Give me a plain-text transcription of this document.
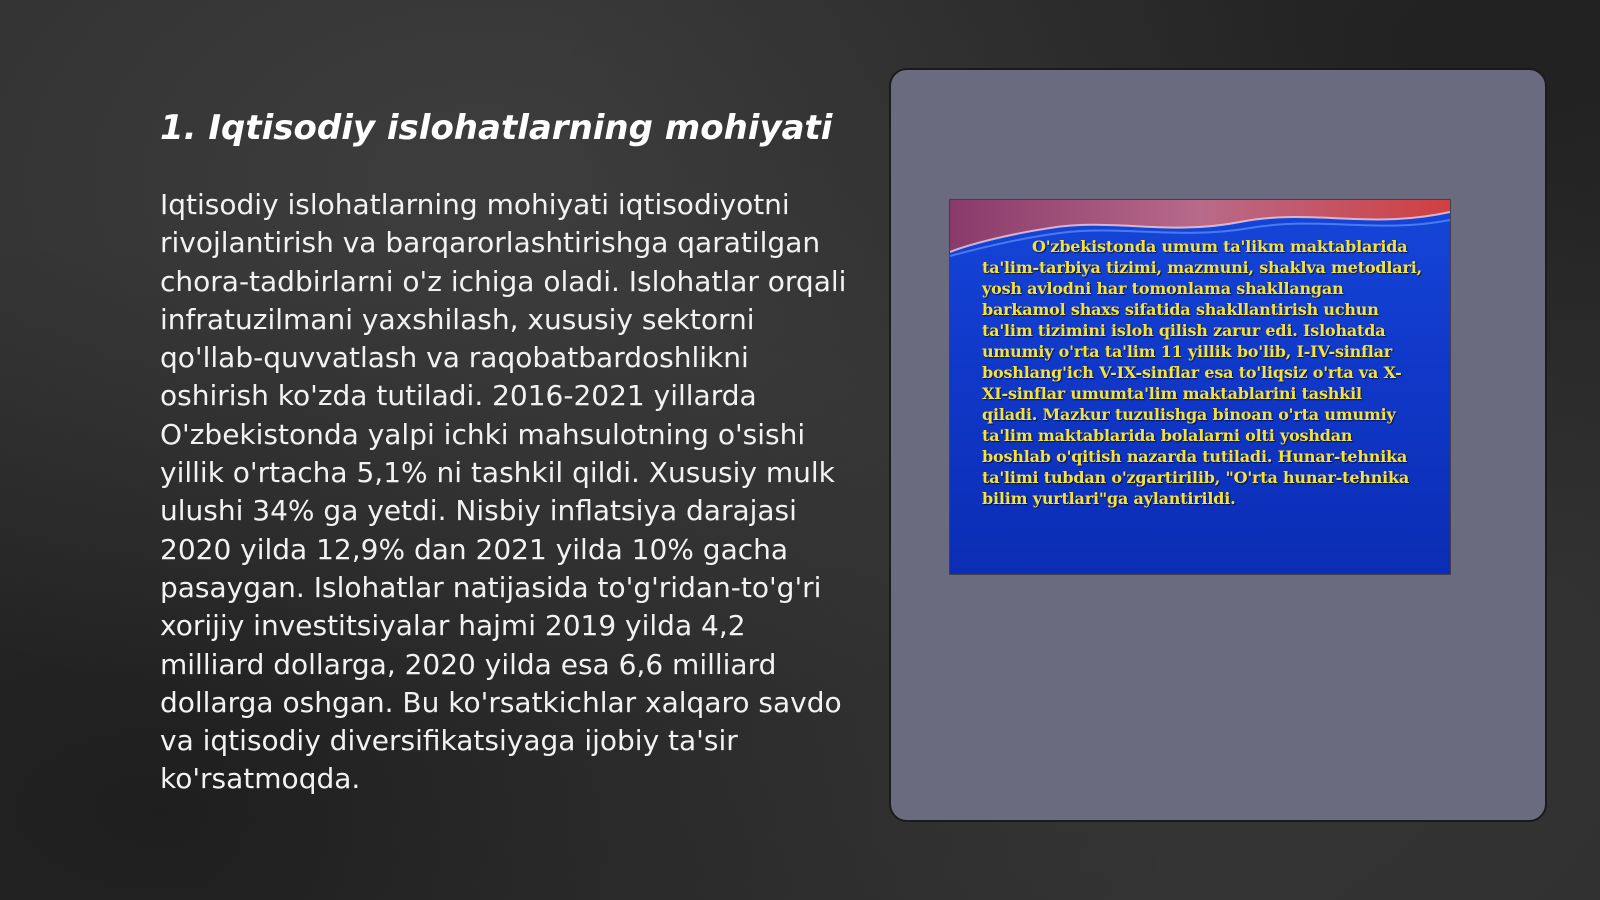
1. Iqtisodiy islohatlarning mohiyati

Iqtisodiy islohatlarning mohiyati iqtisodiyotni rivojlantirish va barqarorlashtirishga qaratilgan chora-tadbirlarni o'z ichiga oladi. Islohatlar orqali infratuzilmani yaxshilash, xususiy sektorni qo'llab-quvvatlash va raqobatbardoshlikni oshirish ko'zda tutiladi. 2016-2021 yillarda O'zbekistonda yalpi ichki mahsulotning o'sishi yillik o'rtacha 5,1% ni tashkil qildi. Xususiy mulk ulushi 34% ga yetdi. Nisbiy inflatsiya darajasi 2020 yilda 12,9% dan 2021 yilda 10% gacha pasaygan. Islohatlar natijasida to'g'ridan-to'g'ri xorijiy investitsiyalar hajmi 2019 yilda 4,2 milliard dollarga, 2020 yilda esa 6,6 milliard dollarga oshgan. Bu ko'rsatkichlar xalqaro savdo va iqtisodiy diversifikatsiyaga ijobiy ta'sir ko'rsatmoqda.

O'zbekistonda umum ta'likm maktablarida ta'lim-tarbiya tizimi, mazmuni, shaklva metodlari, yosh avlodni har tomonlama shakllangan barkamol shaxs sifatida shakllantirish uchun ta'lim tizimini isloh qilish zarur edi. Islohatda umumiy o'rta ta'lim 11 yillik bo'lib, I-IV-sinflar boshlang'ich V-IX-sinflar esa to'liqsiz o'rta va X-XI-sinflar umumta'lim maktablarini tashkil qiladi. Mazkur tuzulishga binoan o'rta umumiy ta'lim maktablarida bolalarni olti yoshdan boshlab o'qitish nazarda tutiladi. Hunar-tehnika ta'limi tubdan o'zgartirilib, "O'rta hunar-tehnika bilim yurtlari"ga aylantirildi.
